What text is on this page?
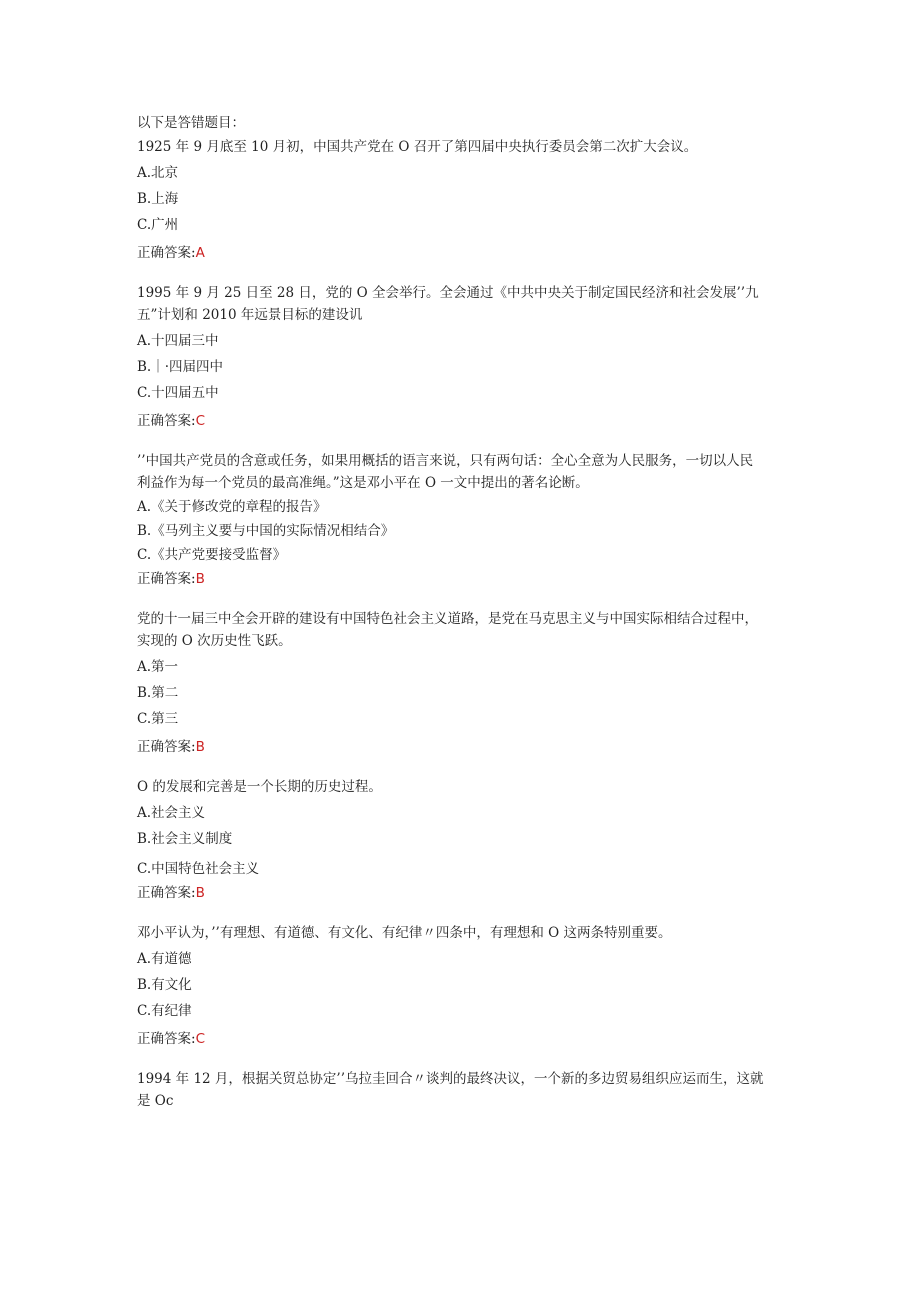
以下是答错题目：
1925 年 9 月底至 10 月初，中国共产党在 O 召开了第四届中央执行委员会第二次扩大会议。
A.北京
B.上海
C.广州
正确答案:A
1995 年 9 月 25 日至 28 日，党的 O 全会举行。全会通过《中共中央关于制定国民经济和社会发展’’九
五”计划和 2010 年远景目标的建设讥
A.十四届三中
B.｜·四届四中
C.十四届五中
正确答案:C
’’中国共产党员的含意或任务，如果用概括的语言来说，只有两句话：全心全意为人民服务，一切以人民
利益作为每一个党员的最高准绳。”这是邓小平在 O 一文中提出的著名论断。
A.《关于修改党的章程的报告》
B.《马列主义要与中国的实际情况相结合》
C.《共产党要接受监督》
正确答案:B
党的十一届三中全会开辟的建设有中国特色社会主义道路，是党在马克思主义与中国实际相结合过程中，
实现的 O 次历史性飞跃。
A.第一
B.第二
C.第三
正确答案:B
O 的发展和完善是一个长期的历史过程。
A.社会主义
B.社会主义制度
C.中国特色社会主义
正确答案:B
邓小平认为，’’有理想、有道德、有文化、有纪律〃四条中，有理想和 O 这两条特别重要。
A.有道德
B.有文化
C.有纪律
正确答案:C
1994 年 12 月，根据关贸总协定’’乌拉圭回合〃谈判的最终决议，一个新的多边贸易组织应运而生，这就
是 Oc
